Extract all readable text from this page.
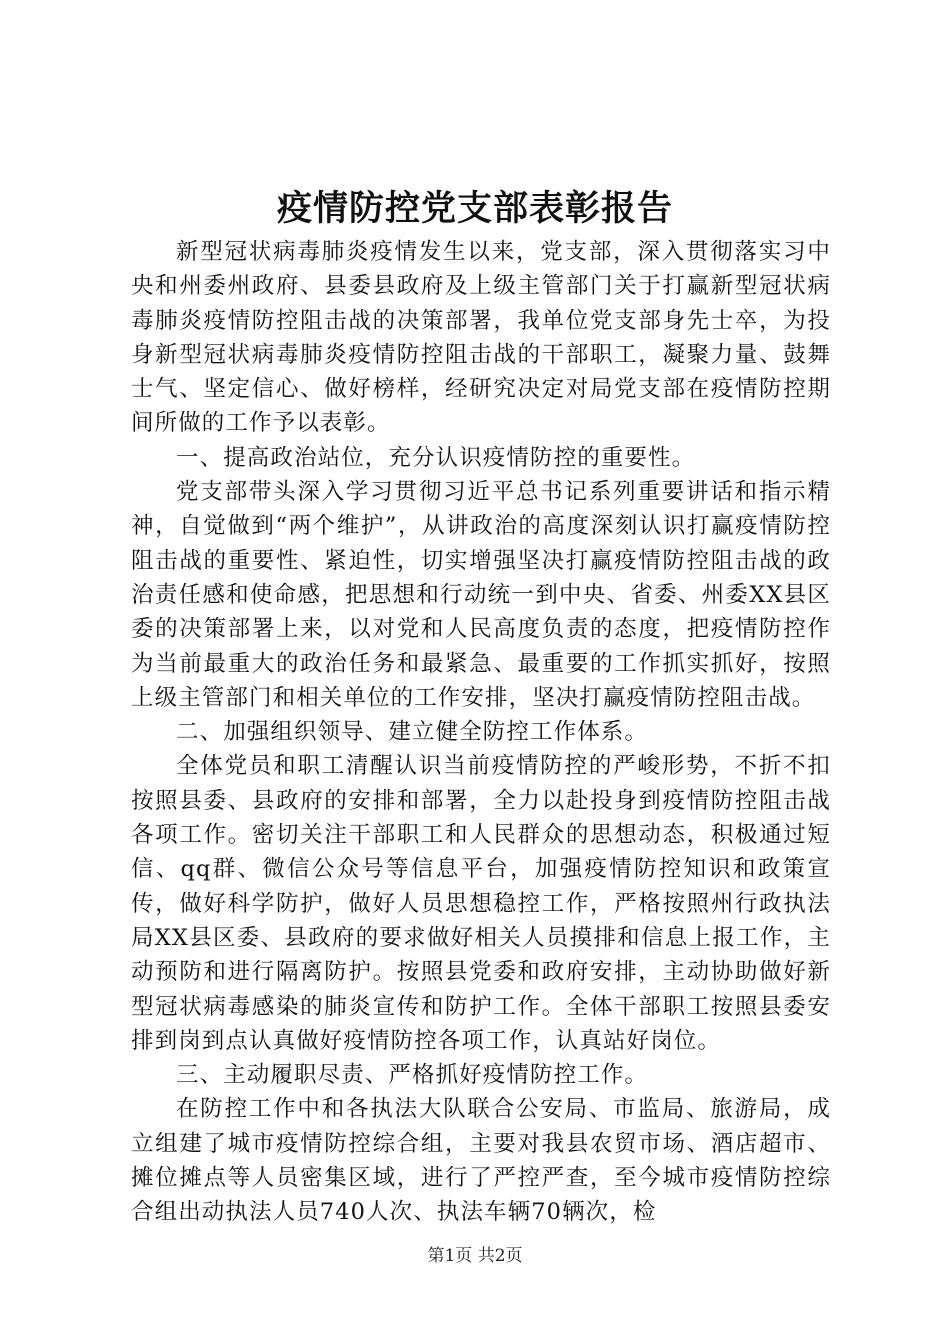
疫情防控党支部表彰报告

新型冠状病毒肺炎疫情发生以来，党支部，深入贯彻落实习中央和州委州政府、县委县政府及上级主管部门关于打赢新型冠状病毒肺炎疫情防控阻击战的决策部署，我单位党支部身先士卒，为投身新型冠状病毒肺炎疫情防控阻击战的干部职工，凝聚力量、鼓舞士气、坚定信心、做好榜样，经研究决定对局党支部在疫情防控期间所做的工作予以表彰。

一、提高政治站位，充分认识疫情防控的重要性。

党支部带头深入学习贯彻习近平总书记系列重要讲话和指示精神，自觉做到“两个维护”，从讲政治的高度深刻认识打赢疫情防控阻击战的重要性、紧迫性，切实增强坚决打赢疫情防控阻击战的政治责任感和使命感，把思想和行动统一到中央、省委、州委XX县区委的决策部署上来，以对党和人民高度负责的态度，把疫情防控作为当前最重大的政治任务和最紧急、最重要的工作抓实抓好，按照上级主管部门和相关单位的工作安排，坚决打赢疫情防控阻击战。

二、加强组织领导、建立健全防控工作体系。

全体党员和职工清醒认识当前疫情防控的严峻形势，不折不扣按照县委、县政府的安排和部署，全力以赴投身到疫情防控阻击战各项工作。密切关注干部职工和人民群众的思想动态，积极通过短信、qq群、微信公众号等信息平台，加强疫情防控知识和政策宣传，做好科学防护，做好人员思想稳控工作，严格按照州行政执法局XX县区委、县政府的要求做好相关人员摸排和信息上报工作，主动预防和进行隔离防护。按照县党委和政府安排，主动协助做好新型冠状病毒感染的肺炎宣传和防护工作。全体干部职工按照县委安排到岗到点认真做好疫情防控各项工作，认真站好岗位。

三、主动履职尽责、严格抓好疫情防控工作。

在防控工作中和各执法大队联合公安局、市监局、旅游局，成立组建了城市疫情防控综合组，主要对我县农贸市场、酒店超市、摊位摊点等人员密集区域，进行了严控严查，至今城市疫情防控综合组出动执法人员740人次、执法车辆70辆次，检

第1页 共2页
